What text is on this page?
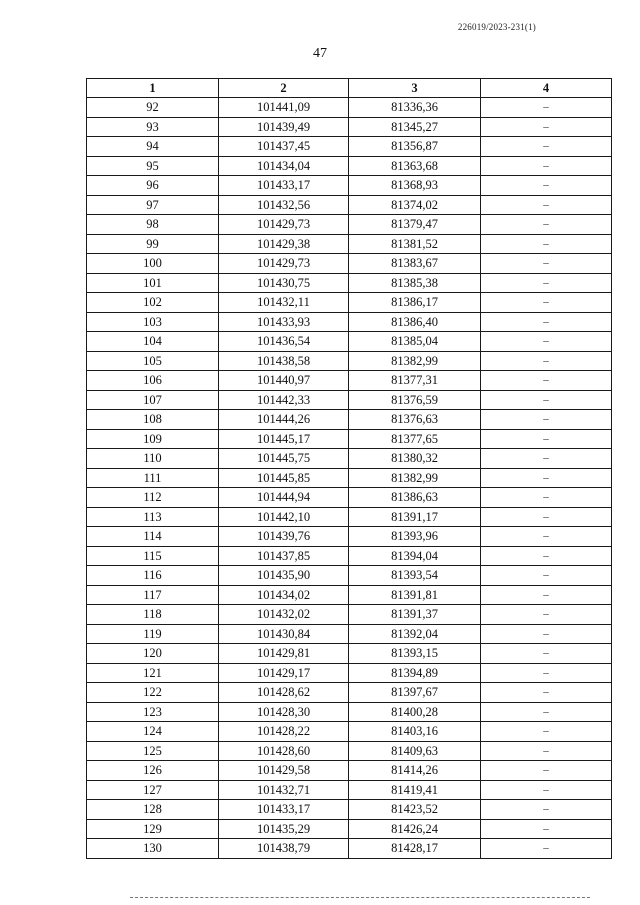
226019/2023-231(1)
47
1	2	3	4
92	101441,09	81336,36	–
93	101439,49	81345,27	–
94	101437,45	81356,87	–
95	101434,04	81363,68	–
96	101433,17	81368,93	–
97	101432,56	81374,02	–
98	101429,73	81379,47	–
99	101429,38	81381,52	–
100	101429,73	81383,67	–
101	101430,75	81385,38	–
102	101432,11	81386,17	–
103	101433,93	81386,40	–
104	101436,54	81385,04	–
105	101438,58	81382,99	–
106	101440,97	81377,31	–
107	101442,33	81376,59	–
108	101444,26	81376,63	–
109	101445,17	81377,65	–
110	101445,75	81380,32	–
111	101445,85	81382,99	–
112	101444,94	81386,63	–
113	101442,10	81391,17	–
114	101439,76	81393,96	–
115	101437,85	81394,04	–
116	101435,90	81393,54	–
117	101434,02	81391,81	–
118	101432,02	81391,37	–
119	101430,84	81392,04	–
120	101429,81	81393,15	–
121	101429,17	81394,89	–
122	101428,62	81397,67	–
123	101428,30	81400,28	–
124	101428,22	81403,16	–
125	101428,60	81409,63	–
126	101429,58	81414,26	–
127	101432,71	81419,41	–
128	101433,17	81423,52	–
129	101435,29	81426,24	–
130	101438,79	81428,17	–
